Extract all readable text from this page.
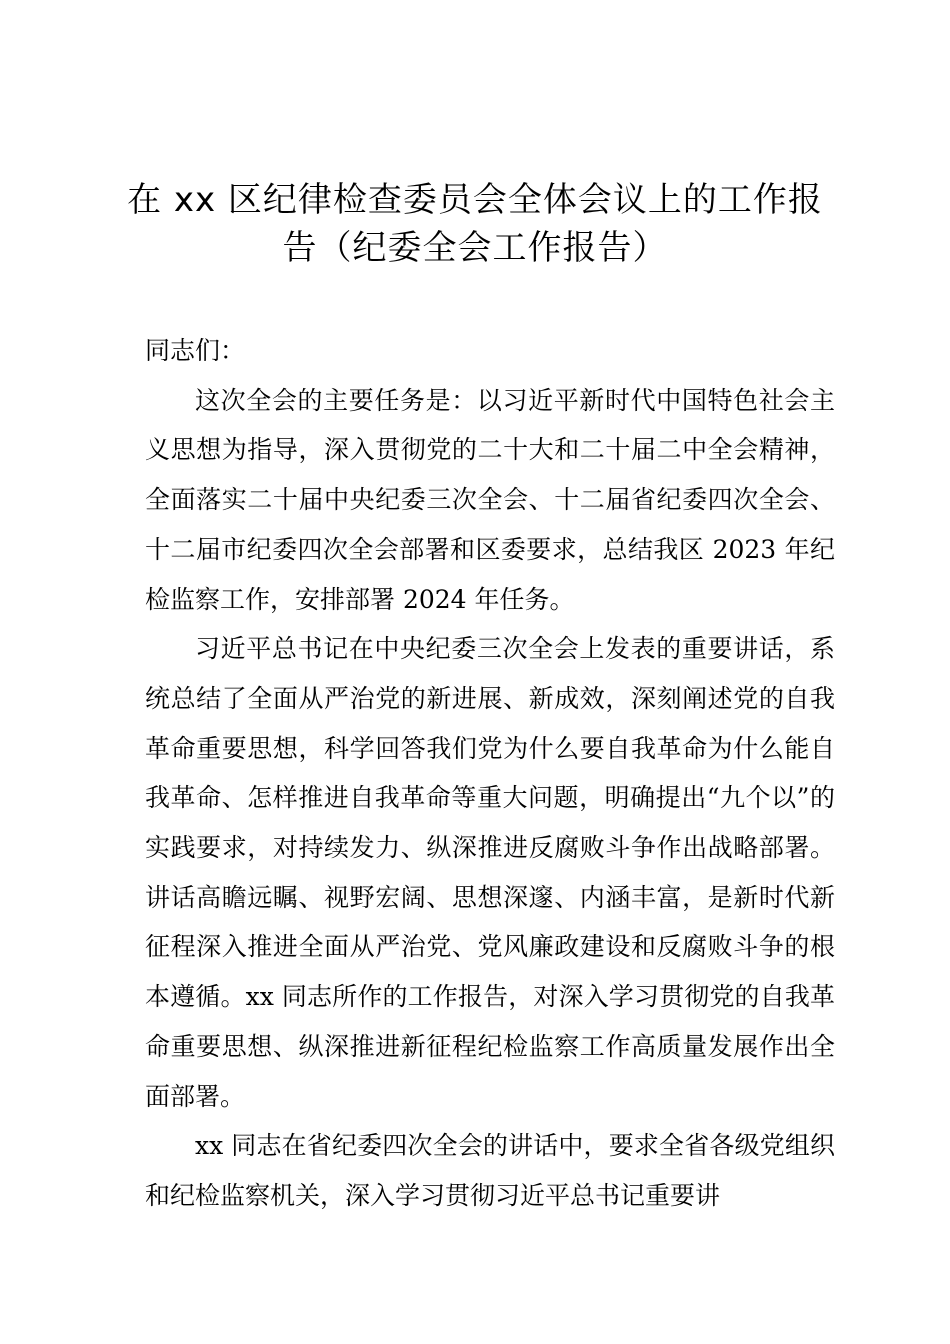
在 xx 区纪律检查委员会全体会议上的工作报告（纪委全会工作报告）

同志们：

这次全会的主要任务是：以习近平新时代中国特色社会主义思想为指导，深入贯彻党的二十大和二十届二中全会精神，全面落实二十届中央纪委三次全会、十二届省纪委四次全会、十二届市纪委四次全会部署和区委要求，总结我区 2023 年纪检监察工作，安排部署 2024 年任务。

习近平总书记在中央纪委三次全会上发表的重要讲话，系统总结了全面从严治党的新进展、新成效，深刻阐述党的自我革命重要思想，科学回答我们党为什么要自我革命为什么能自我革命、怎样推进自我革命等重大问题，明确提出“九个以”的实践要求，对持续发力、纵深推进反腐败斗争作出战略部署。讲话高瞻远瞩、视野宏阔、思想深邃、内涵丰富，是新时代新征程深入推进全面从严治党、党风廉政建设和反腐败斗争的根本遵循。xx 同志所作的工作报告，对深入学习贯彻党的自我革命重要思想、纵深推进新征程纪检监察工作高质量发展作出全面部署。

xx 同志在省纪委四次全会的讲话中，要求全省各级党组织和纪检监察机关，深入学习贯彻习近平总书记重要讲
